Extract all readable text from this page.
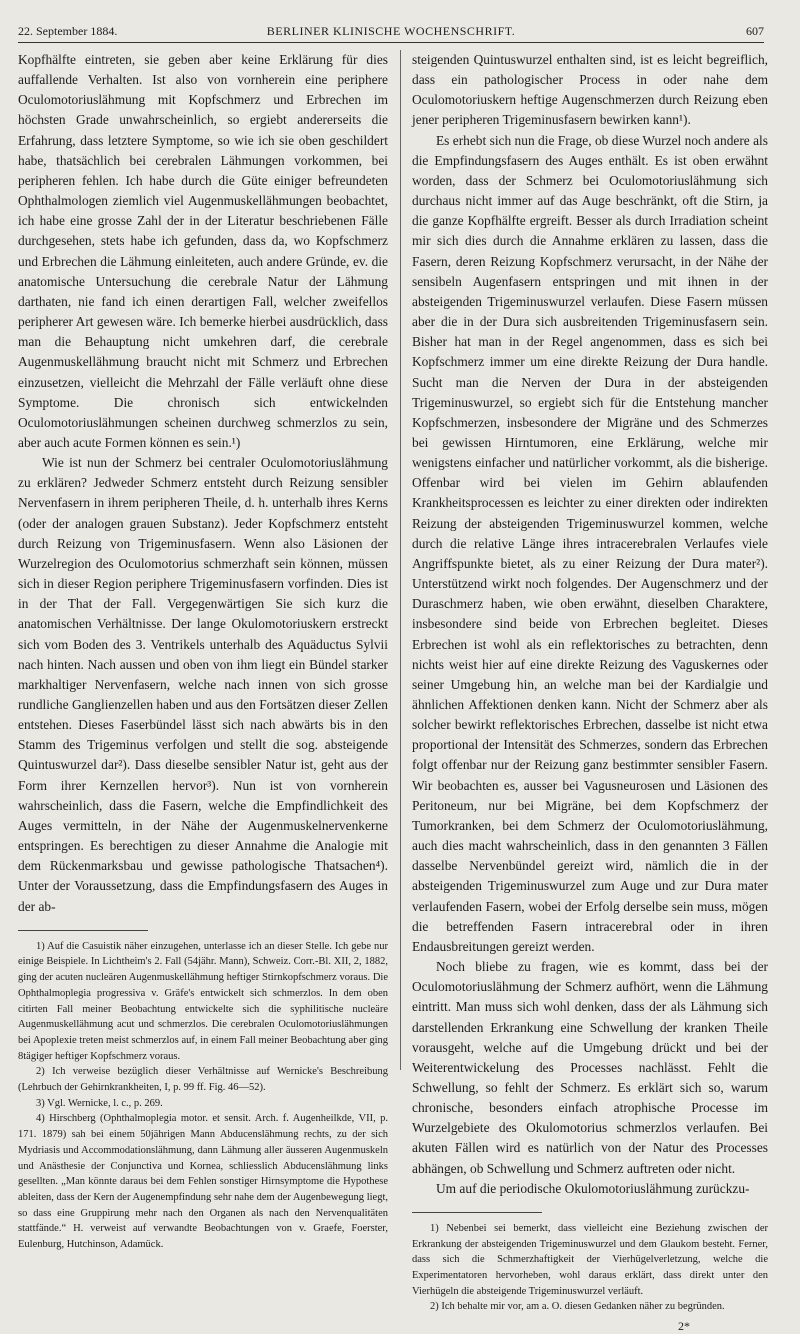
22. September 1884.	BERLINER KLINISCHE WOCHENSCHRIFT.	607

Kopfhälfte eintreten, sie geben aber keine Erklärung für dies auffallende Verhalten. Ist also von vornherein eine periphere Oculomotoriuslähmung mit Kopfschmerz und Erbrechen im höchsten Grade unwahrscheinlich, so ergiebt andererseits die Erfahrung, dass letztere Symptome, so wie ich sie oben geschildert habe, thatsächlich bei cerebralen Lähmungen vorkommen, bei peripheren fehlen. Ich habe durch die Güte einiger befreundeten Ophthalmologen ziemlich viel Augenmuskellähmungen beobachtet, ich habe eine grosse Zahl der in der Literatur beschriebenen Fälle durchgesehen, stets habe ich gefunden, dass da, wo Kopfschmerz und Erbrechen die Lähmung einleiteten, auch andere Gründe, ev. die anatomische Untersuchung die cerebrale Natur der Lähmung darthaten, nie fand ich einen derartigen Fall, welcher zweifellos peripherer Art gewesen wäre. Ich bemerke hierbei ausdrücklich, dass man die Behauptung nicht umkehren darf, die cerebrale Augenmuskellähmung braucht nicht mit Schmerz und Erbrechen einzusetzen, vielleicht die Mehrzahl der Fälle verläuft ohne diese Symptome. Die chronisch sich entwickelnden Oculomotoriuslähmungen scheinen durchweg schmerzlos zu sein, aber auch acute Formen können es sein.¹)

Wie ist nun der Schmerz bei centraler Oculomotoriuslähmung zu erklären? Jedweder Schmerz entsteht durch Reizung sensibler Nervenfasern in ihrem peripheren Theile, d. h. unterhalb ihres Kerns (oder der analogen grauen Substanz). Jeder Kopfschmerz entsteht durch Reizung von Trigeminusfasern. Wenn also Läsionen der Wurzelregion des Oculomotorius schmerzhaft sein können, müssen sich in dieser Region periphere Trigeminusfasern vorfinden. Dies ist in der That der Fall. Vergegenwärtigen Sie sich kurz die anatomischen Verhältnisse. Der lange Okulomotoriuskern erstreckt sich vom Boden des 3. Ventrikels unterhalb des Aquäductus Sylvii nach hinten. Nach aussen und oben von ihm liegt ein Bündel starker markhaltiger Nervenfasern, welche nach innen von sich grosse rundliche Ganglienzellen haben und aus den Fortsätzen dieser Zellen entstehen. Dieses Faserbündel lässt sich nach abwärts bis in den Stamm des Trigeminus verfolgen und stellt die sog. absteigende Quintuswurzel dar²). Dass dieselbe sensibler Natur ist, geht aus der Form ihrer Kernzellen hervor³). Nun ist von vornherein wahrscheinlich, dass die Fasern, welche die Empfindlichkeit des Auges vermitteln, in der Nähe der Augenmuskelnervenkerne entspringen. Es berechtigen zu dieser Annahme die Analogie mit dem Rückenmarksbau und gewisse pathologische Thatsachen⁴). Unter der Voraussetzung, dass die Empfindungsfasern des Auges in der ab-

1) Auf die Casuistik näher einzugehen, unterlasse ich an dieser Stelle. Ich gebe nur einige Beispiele. In Lichtheim's 2. Fall (54jähr. Mann), Schweiz. Corr.-Bl. XII, 2, 1882, ging der acuten nucleären Augenmuskellähmung heftiger Stirnkopfschmerz voraus. Die Ophthalmoplegia progressiva v. Gräfe's entwickelt sich schmerzlos. In dem oben citirten Fall meiner Beobachtung entwickelte sich die syphilitische nucleäre Augenmuskellähmung acut und schmerzlos. Die cerebralen Oculomotoriuslähmungen bei Apoplexie treten meist schmerzlos auf, in einem Fall meiner Beobachtung aber ging 8tägiger heftiger Kopfschmerz voraus.

2) Ich verweise bezüglich dieser Verhältnisse auf Wernicke's Beschreibung (Lehrbuch der Gehirnkrankheiten, I, p. 99 ff. Fig. 46—52).

3) Vgl. Wernicke, l. c., p. 269.

4) Hirschberg (Ophthalmoplegia motor. et sensit. Arch. f. Augenheilkde, VII, p. 171. 1879) sah bei einem 50jährigen Mann Abducenslähmung rechts, zu der sich Mydriasis und Accommodationslähmung, dann Lähmung aller äusseren Augenmuskeln und Anästhesie der Conjunctiva und Kornea, schliesslich Abducenslähmung links gesellten. „Man könnte daraus bei dem Fehlen sonstiger Hirnsymptome die Hypothese ableiten, dass der Kern der Augenempfindung sehr nahe dem der Augenbewegung liegt, so dass eine Gruppirung mehr nach den Organen als nach den Nervenqualitäten stattfände.“ H. verweist auf verwandte Beobachtungen von v. Graefe, Foerster, Eulenburg, Hutchinson, Adamück.

steigenden Quintuswurzel enthalten sind, ist es leicht begreiflich, dass ein pathologischer Process in oder nahe dem Oculomotoriuskern heftige Augenschmerzen durch Reizung eben jener peripheren Trigeminusfasern bewirken kann¹).

Es erhebt sich nun die Frage, ob diese Wurzel noch andere als die Empfindungsfasern des Auges enthält. Es ist oben erwähnt worden, dass der Schmerz bei Oculomotoriuslähmung sich durchaus nicht immer auf das Auge beschränkt, oft die Stirn, ja die ganze Kopfhälfte ergreift. Besser als durch Irradiation scheint mir sich dies durch die Annahme erklären zu lassen, dass die Fasern, deren Reizung Kopfschmerz verursacht, in der Nähe der sensibeln Augenfasern entspringen und mit ihnen in der absteigenden Trigeminuswurzel verlaufen. Diese Fasern müssen aber die in der Dura sich ausbreitenden Trigeminusfasern sein. Bisher hat man in der Regel angenommen, dass es sich bei Kopfschmerz immer um eine direkte Reizung der Dura handle. Sucht man die Nerven der Dura in der absteigenden Trigeminuswurzel, so ergiebt sich für die Entstehung mancher Kopfschmerzen, insbesondere der Migräne und des Schmerzes bei gewissen Hirntumoren, eine Erklärung, welche mir wenigstens einfacher und natürlicher vorkommt, als die bisherige. Offenbar wird bei vielen im Gehirn ablaufenden Krankheitsprocessen es leichter zu einer direkten oder indirekten Reizung der absteigenden Trigeminuswurzel kommen, welche durch die relative Länge ihres intracerebralen Verlaufes viele Angriffspunkte bietet, als zu einer Reizung der Dura mater²). Unterstützend wirkt noch folgendes. Der Augenschmerz und der Duraschmerz haben, wie oben erwähnt, dieselben Charaktere, insbesondere sind beide von Erbrechen begleitet. Dieses Erbrechen ist wohl als ein reflektorisches zu betrachten, denn nichts weist hier auf eine direkte Reizung des Vaguskernes oder seiner Umgebung hin, an welche man bei der Kardialgie und ähnlichen Affektionen denken kann. Nicht der Schmerz aber als solcher bewirkt reflektorisches Erbrechen, dasselbe ist nicht etwa proportional der Intensität des Schmerzes, sondern das Erbrechen folgt offenbar nur der Reizung ganz bestimmter sensibler Fasern. Wir beobachten es, ausser bei Vagusneurosen und Läsionen des Peritoneum, nur bei Migräne, bei dem Kopfschmerz der Tumorkranken, bei dem Schmerz der Oculomotoriuslähmung, auch dies macht wahrscheinlich, dass in den genannten 3 Fällen dasselbe Nervenbündel gereizt wird, nämlich die in der absteigenden Trigeminuswurzel zum Auge und zur Dura mater verlaufenden Fasern, wobei der Erfolg derselbe sein muss, mögen die betreffenden Fasern intracerebral oder in ihren Endausbreitungen gereizt werden.

Noch bliebe zu fragen, wie es kommt, dass bei der Oculomotoriuslähmung der Schmerz aufhört, wenn die Lähmung eintritt. Man muss sich wohl denken, dass der als Lähmung sich darstellenden Erkrankung eine Schwellung der kranken Theile vorausgeht, welche auf die Umgebung drückt und bei der Weiterentwickelung des Processes nachlässt. Fehlt die Schwellung, so fehlt der Schmerz. Es erklärt sich so, warum chronische, besonders einfach atrophische Processe im Wurzelgebiete des Okulomotorius schmerzlos verlaufen. Bei akuten Fällen wird es natürlich von der Natur des Processes abhängen, ob Schwellung und Schmerz auftreten oder nicht.

Um auf die periodische Okulomotoriuslähmung zurückzu-

1) Nebenbei sei bemerkt, dass vielleicht eine Beziehung zwischen der Erkrankung der absteigenden Trigeminuswurzel und dem Glaukom besteht. Ferner, dass sich die Schmerzhaftigkeit der Vierhügelverletzung, welche die Experimentatoren hervorheben, wohl daraus erklärt, dass direkt unter den Vierhügeln die absteigende Trigeminuswurzel verläuft.

2) Ich behalte mir vor, am a. O. diesen Gedanken näher zu begründen.

2*
